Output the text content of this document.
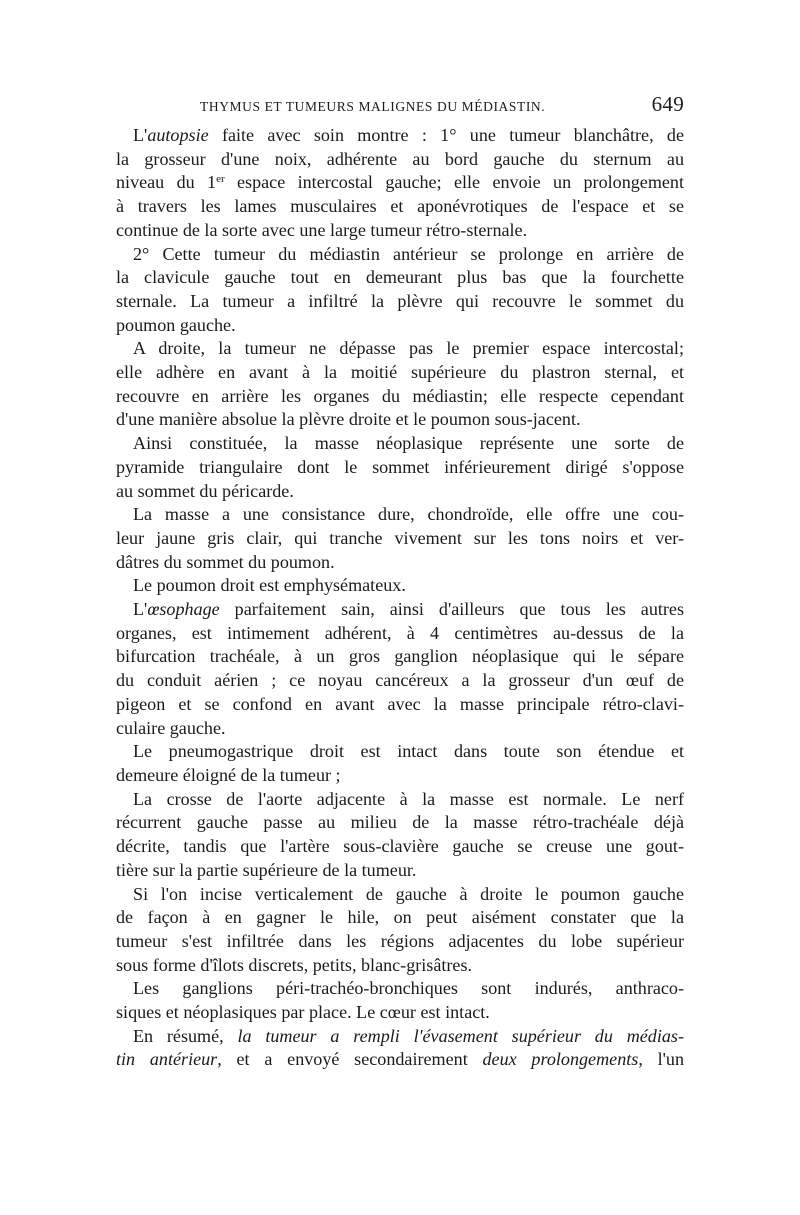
THYMUS ET TUMEURS MALIGNES DU MÉDIASTIN.	649
L'autopsie faite avec soin montre : 1° une tumeur blanchâtre, de
la grosseur d'une noix, adhérente au bord gauche du sternum au
niveau du 1er espace intercostal gauche; elle envoie un prolongement
à travers les lames musculaires et aponévrotiques de l'espace et se
continue de la sorte avec une large tumeur rétro-sternale.
2° Cette tumeur du médiastin antérieur se prolonge en arrière de
la clavicule gauche tout en demeurant plus bas que la fourchette
sternale. La tumeur a infiltré la plèvre qui recouvre le sommet du
poumon gauche.
A droite, la tumeur ne dépasse pas le premier espace intercostal;
elle adhère en avant à la moitié supérieure du plastron sternal, et
recouvre en arrière les organes du médiastin; elle respecte cependant
d'une manière absolue la plèvre droite et le poumon sous-jacent.
Ainsi constituée, la masse néoplasique représente une sorte de
pyramide triangulaire dont le sommet inférieurement dirigé s'oppose
au sommet du péricarde.
La masse a une consistance dure, chondroïde, elle offre une cou-
leur jaune gris clair, qui tranche vivement sur les tons noirs et ver-
dâtres du sommet du poumon.
Le poumon droit est emphysémateux.
L'œsophage parfaitement sain, ainsi d'ailleurs que tous les autres
organes, est intimement adhérent, à 4 centimètres au-dessus de la
bifurcation trachéale, à un gros ganglion néoplasique qui le sépare
du conduit aérien ; ce noyau cancéreux a la grosseur d'un œuf de
pigeon et se confond en avant avec la masse principale rétro-clavi-
culaire gauche.
Le pneumogastrique droit est intact dans toute son étendue et
demeure éloigné de la tumeur ;
La crosse de l'aorte adjacente à la masse est normale. Le nerf
récurrent gauche passe au milieu de la masse rétro-trachéale déjà
décrite, tandis que l'artère sous-clavière gauche se creuse une gout-
tière sur la partie supérieure de la tumeur.
Si l'on incise verticalement de gauche à droite le poumon gauche
de façon à en gagner le hile, on peut aisément constater que la
tumeur s'est infiltrée dans les régions adjacentes du lobe supérieur
sous forme d'îlots discrets, petits, blanc-grisâtres.
Les ganglions péri-trachéo-bronchiques sont indurés, anthraco-
siques et néoplasiques par place. Le cœur est intact.
En résumé, la tumeur a rempli l'évasement supérieur du médias-
tin antérieur, et a envoyé secondairement deux prolongements, l'un
